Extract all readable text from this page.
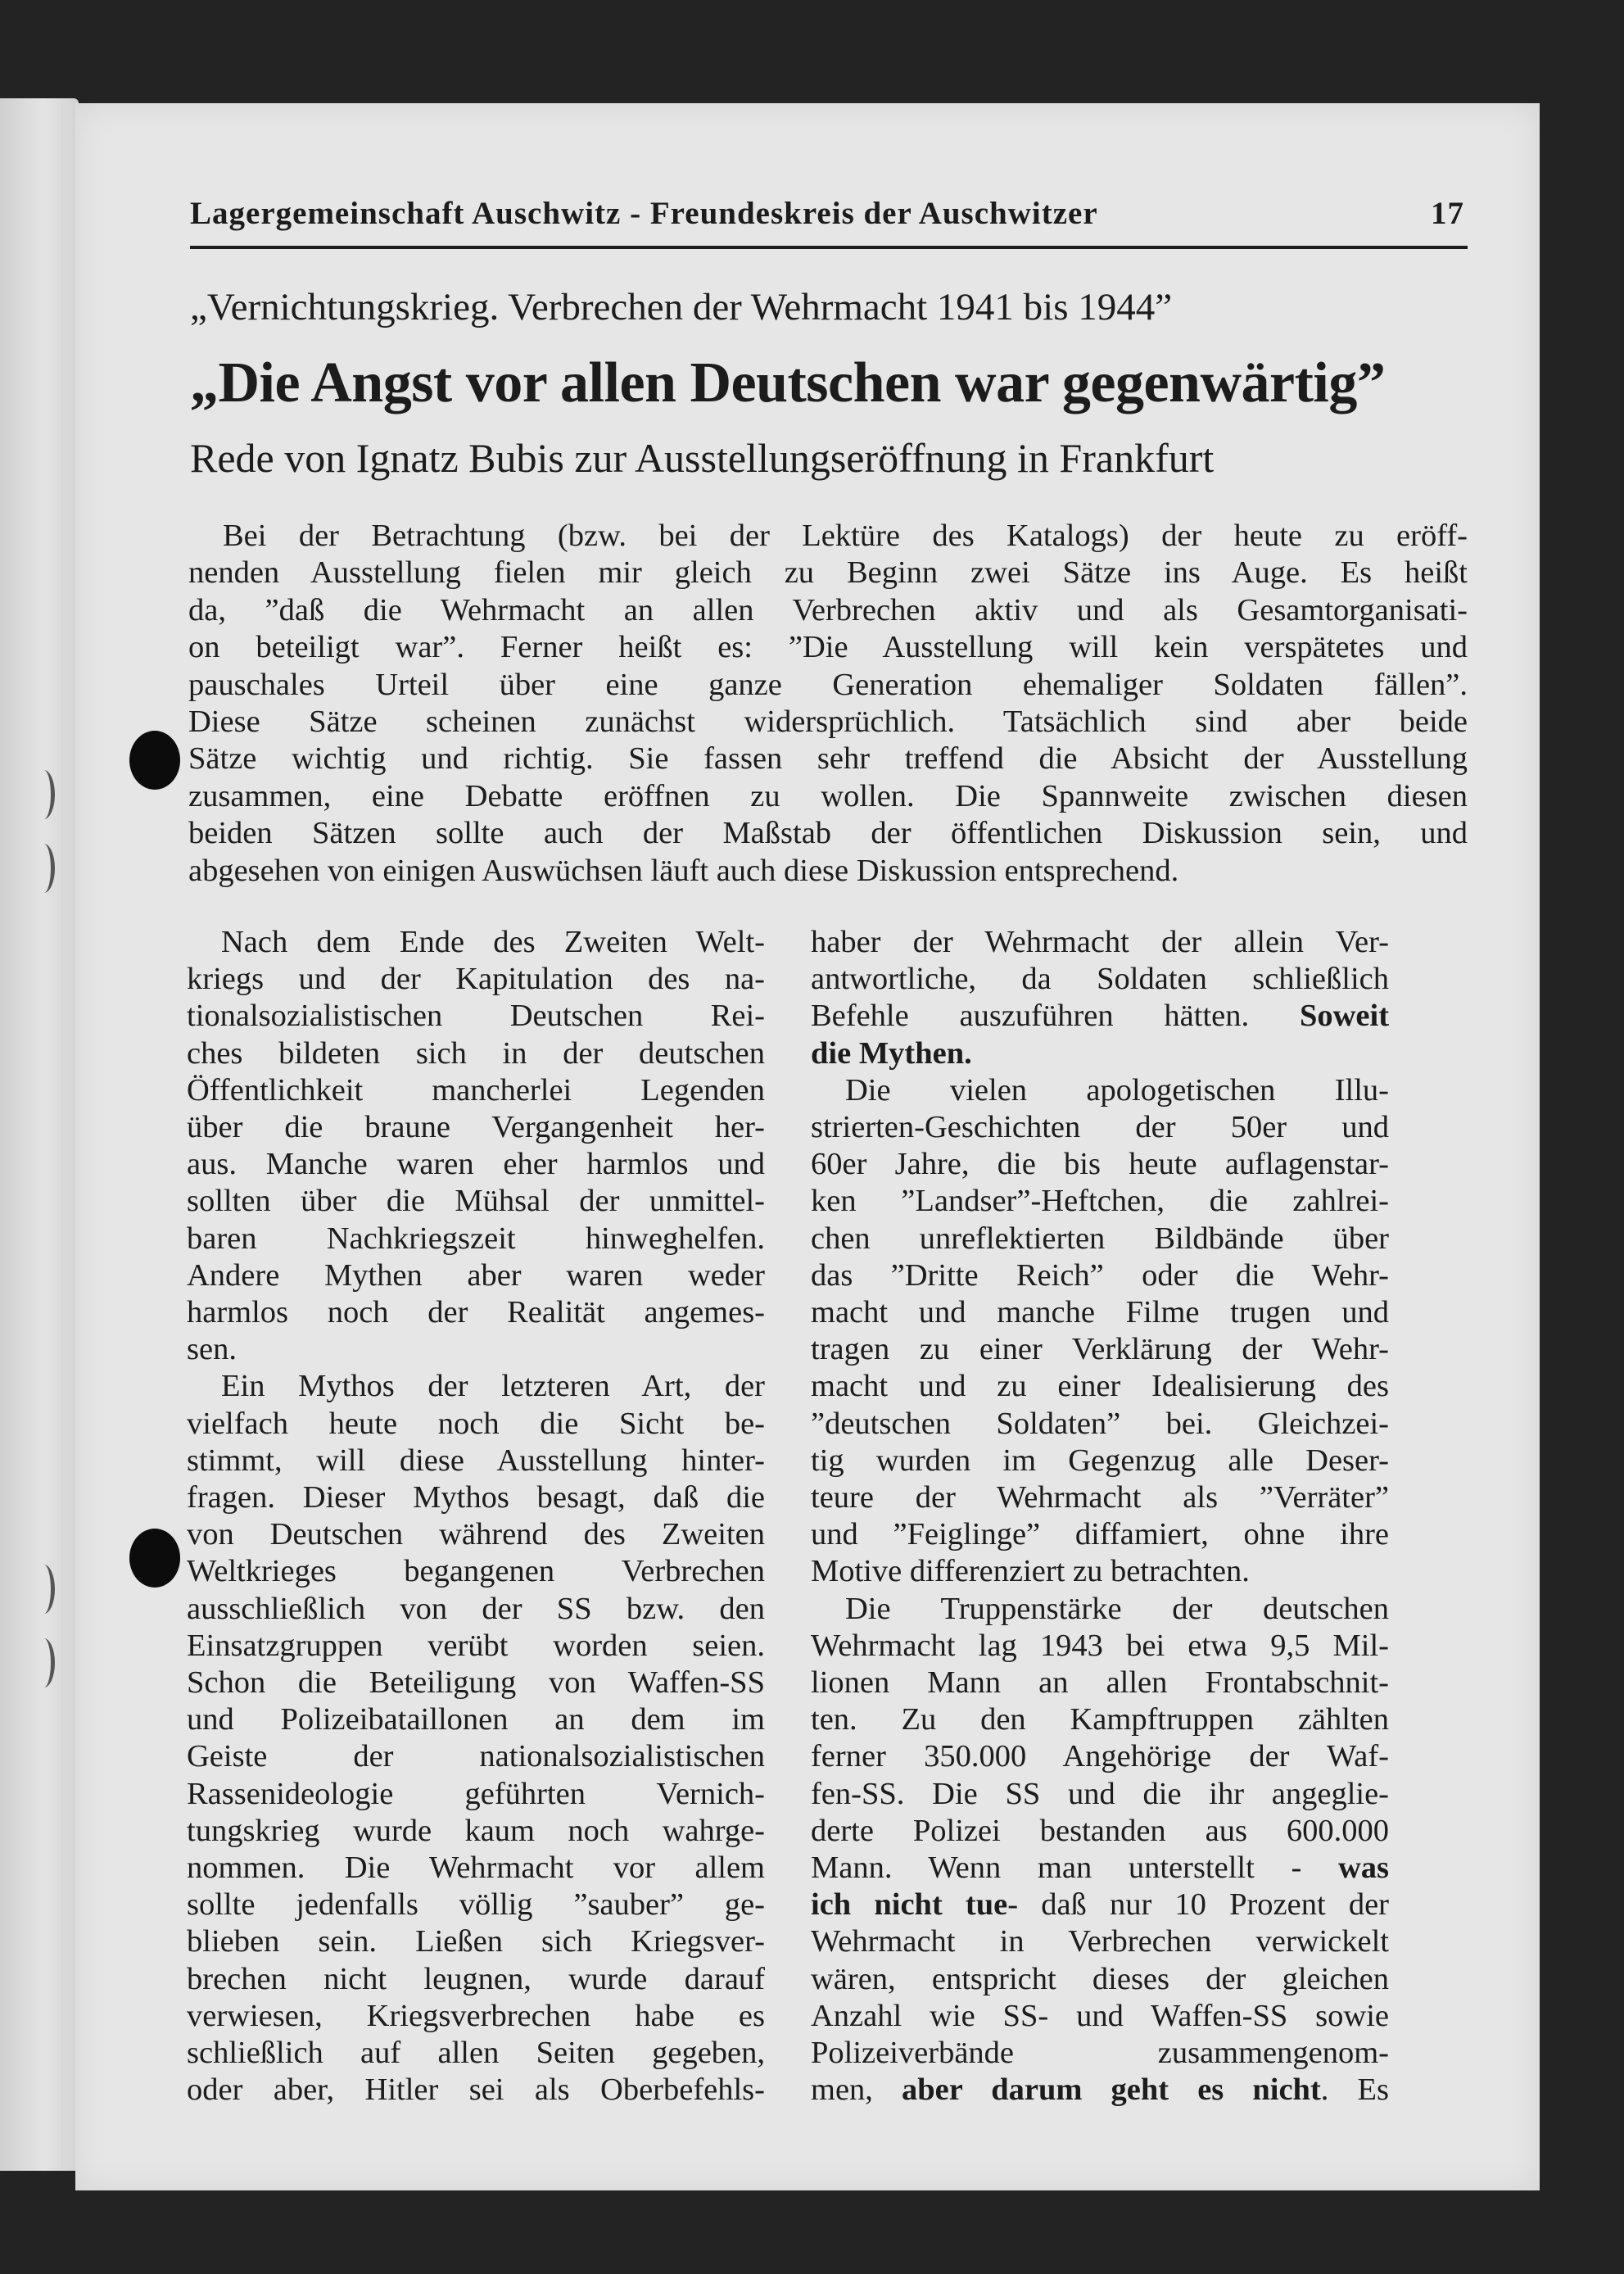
Lagergemeinschaft Auschwitz - Freundeskreis der Auschwitzer	17
„Vernichtungskrieg. Verbrechen der Wehrmacht 1941 bis 1944”
„Die Angst vor allen Deutschen war gegenwärtig”
Rede von Ignatz Bubis zur Ausstellungseröffnung in Frankfurt
Bei der Betrachtung (bzw. bei der Lektüre des Katalogs) der heute zu eröff-
nenden Ausstellung fielen mir gleich zu Beginn zwei Sätze ins Auge. Es heißt
da, ”daß die Wehrmacht an allen Verbrechen aktiv und als Gesamtorganisati-
on beteiligt war”. Ferner heißt es: ”Die Ausstellung will kein verspätetes und
pauschales Urteil über eine ganze Generation ehemaliger Soldaten fällen”.
Diese Sätze scheinen zunächst widersprüchlich. Tatsächlich sind aber beide
Sätze wichtig und richtig. Sie fassen sehr treffend die Absicht der Ausstellung
zusammen, eine Debatte eröffnen zu wollen. Die Spannweite zwischen diesen
beiden Sätzen sollte auch der Maßstab der öffentlichen Diskussion sein, und
abgesehen von einigen Auswüchsen läuft auch diese Diskussion entsprechend.
Nach dem Ende des Zweiten Welt-
kriegs und der Kapitulation des na-
tionalsozialistischen Deutschen Rei-
ches bildeten sich in der deutschen
Öffentlichkeit mancherlei Legenden
über die braune Vergangenheit her-
aus. Manche waren eher harmlos und
sollten über die Mühsal der unmittel-
baren Nachkriegszeit hinweghelfen.
Andere Mythen aber waren weder
harmlos noch der Realität angemes-
sen.
Ein Mythos der letzteren Art, der
vielfach heute noch die Sicht be-
stimmt, will diese Ausstellung hinter-
fragen. Dieser Mythos besagt, daß die
von Deutschen während des Zweiten
Weltkrieges begangenen Verbrechen
ausschließlich von der SS bzw. den
Einsatzgruppen verübt worden seien.
Schon die Beteiligung von Waffen-SS
und Polizeibataillonen an dem im
Geiste der nationalsozialistischen
Rassenideologie geführten Vernich-
tungskrieg wurde kaum noch wahrge-
nommen. Die Wehrmacht vor allem
sollte jedenfalls völlig ”sauber” ge-
blieben sein. Ließen sich Kriegsver-
brechen nicht leugnen, wurde darauf
verwiesen, Kriegsverbrechen habe es
schließlich auf allen Seiten gegeben,
oder aber, Hitler sei als Oberbefehls-
haber der Wehrmacht der allein Ver-
antwortliche, da Soldaten schließlich
Befehle auszuführen hätten. Soweit
die Mythen.
Die vielen apologetischen Illu-
strierten-Geschichten der 50er und
60er Jahre, die bis heute auflagenstar-
ken ”Landser”-Heftchen, die zahlrei-
chen unreflektierten Bildbände über
das ”Dritte Reich” oder die Wehr-
macht und manche Filme trugen und
tragen zu einer Verklärung der Wehr-
macht und zu einer Idealisierung des
”deutschen Soldaten” bei. Gleichzei-
tig wurden im Gegenzug alle Deser-
teure der Wehrmacht als ”Verräter”
und ”Feiglinge” diffamiert, ohne ihre
Motive differenziert zu betrachten.
Die Truppenstärke der deutschen
Wehrmacht lag 1943 bei etwa 9,5 Mil-
lionen Mann an allen Frontabschnit-
ten. Zu den Kampftruppen zählten
ferner 350.000 Angehörige der Waf-
fen-SS. Die SS und die ihr angeglie-
derte Polizei bestanden aus 600.000
Mann. Wenn man unterstellt - was
ich nicht tue- daß nur 10 Prozent der
Wehrmacht in Verbrechen verwickelt
wären, entspricht dieses der gleichen
Anzahl wie SS- und Waffen-SS sowie
Polizeiverbände zusammengenom-
men, aber darum geht es nicht. Es
